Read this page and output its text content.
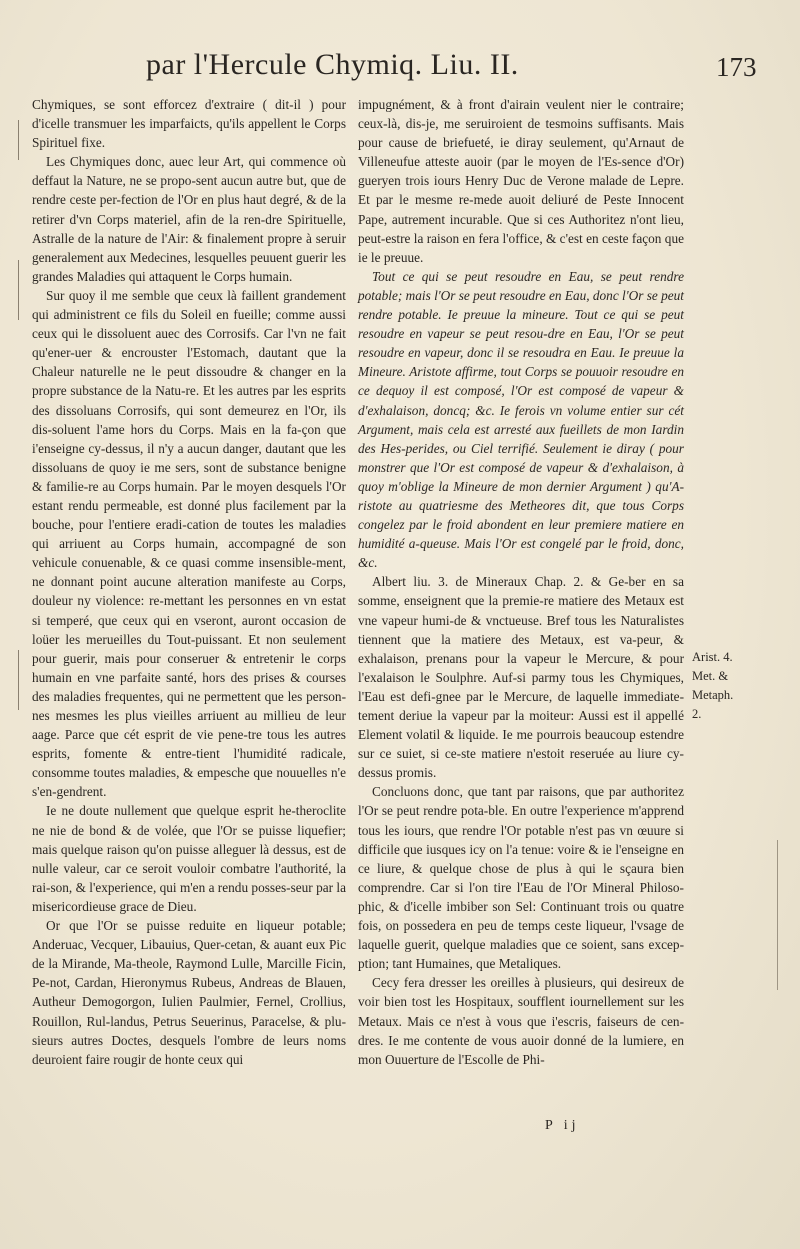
par l'Hercule Chymiq. Liu. II.	173

Chymiques, se sont efforcez d'extraire ( dit-il ) pour d'icelle transmuer les imparfaicts, qu'ils appellent le Corps Spirituel fixe.

Les Chymiques donc, auec leur Art, qui commence où deffaut la Nature, ne se propo-sent aucun autre but, que de rendre ceste per-fection de l'Or en plus haut degré, & de la retirer d'vn Corps materiel, afin de la ren-dre Spirituelle, Astralle de la nature de l'Air: & finalement propre à seruir generalement aux Medecines, lesquelles peuuent guerir les grandes Maladies qui attaquent le Corps humain.

Sur quoy il me semble que ceux là faillent grandement qui administrent ce fils du Soleil en fueille; comme aussi ceux qui le dissoluent auec des Corrosifs. Car l'vn ne fait qu'ener-uer & encrouster l'Estomach, dautant que la Chaleur naturelle ne le peut dissoudre & changer en la propre substance de la Natu-re. Et les autres par les esprits des dissoluans Corrosifs, qui sont demeurez en l'Or, ils dis-soluent l'ame hors du Corps. Mais en la fa-çon que i'enseigne cy-dessus, il n'y a aucun danger, dautant que les dissoluans de quoy ie me sers, sont de substance benigne & familie-re au Corps humain. Par le moyen desquels l'Or estant rendu permeable, est donné plus facilement par la bouche, pour l'entiere eradi-cation de toutes les maladies qui arriuent au Corps humain, accompagné de son vehicule conuenable, & ce quasi comme insensible-ment, ne donnant point aucune alteration manifeste au Corps, douleur ny violence: re-mettant les personnes en vn estat si temperé, que ceux qui en vseront, auront occasion de loüer les merueilles du Tout-puissant. Et non seulement pour guerir, mais pour conseruer & entretenir le corps humain en vne parfaite santé, hors des prises & courses des maladies frequentes, qui ne permettent que les person-nes mesmes les plus vieilles arriuent au millieu de leur aage. Parce que cét esprit de vie pene-tre tous les autres esprits, fomente & entre-tient l'humidité radicale, consomme toutes maladies, & empesche que nouuelles n'e s'en-gendrent.

Ie ne doute nullement que quelque esprit he-theroclite ne nie de bond & de volée, que l'Or se puisse liquefier; mais quelque raison qu'on puisse alleguer là dessus, est de nulle valeur, car ce seroit vouloir combatre l'authorité, la rai-son, & l'experience, qui m'en a rendu posses-seur par la misericordieuse grace de Dieu.

Or que l'Or se puisse reduite en liqueur potable; Anderuac, Vecquer, Libauius, Quer-cetan, & auant eux Pic de la Mirande, Ma-theole, Raymond Lulle, Marcille Ficin, Pe-not, Cardan, Hieronymus Rubeus, Andreas de Blauen, Autheur Demogorgon, Iulien Paulmier, Fernel, Crollius, Rouillon, Rul-landus, Petrus Seuerinus, Paracelse, & plu-sieurs autres Doctes, desquels l'ombre de leurs noms deuroient faire rougir de honte ceux qui

impugnément, & à front d'airain veulent nier le contraire; ceux-là, dis-je, me seruiroient de tesmoins suffisants. Mais pour cause de briefueté, ie diray seulement, qu'Arnaut de Villeneufue atteste auoir (par le moyen de l'Es-sence d'Or) gueryen trois iours Henry Duc de Verone malade de Lepre. Et par le mesme re-mede auoit deliuré de Peste Innocent Pape, autrement incurable. Que si ces Authoritez n'ont lieu, peut-estre la raison en fera l'office, & c'est en ceste façon que ie le preuue.

Tout ce qui se peut resoudre en Eau, se peut rendre potable; mais l'Or se peut resoudre en Eau, donc l'Or se peut rendre potable. Ie preuue la mineure. Tout ce qui se peut resoudre en vapeur se peut resou-dre en Eau, l'Or se peut resoudre en vapeur, donc il se resoudra en Eau. Ie preuue la Mineure. Aristote affirme, tout Corps se pouuoir resoudre en ce dequoy il est composé, l'Or est composé de vapeur & d'exhalaison, doncq; &c. Ie ferois vn volume entier sur cét Argument, mais cela est arresté aux fueillets de mon Iardin des Hes-perides, ou Ciel terrifié. Seulement ie diray ( pour monstrer que l'Or est composé de vapeur & d'exhalaison, à quoy m'oblige la Mineure de mon dernier Argument ) qu'A-ristote au quatriesme des Metheores dit, que tous Corps congelez par le froid abondent en leur premiere matiere en humidité a-queuse. Mais l'Or est congelé par le froid, donc, &c.

Albert liu. 3. de Mineraux Chap. 2. & Ge-ber en sa somme, enseignent que la premie-re matiere des Metaux est vne vapeur humi-de & vnctueuse. Bref tous les Naturalistes tiennent que la matiere des Metaux, est va-peur, & exhalaison, prenans pour la vapeur le Mercure, & pour l'exalaison le Soulphre. Auf-si parmy tous les Chymiques, l'Eau est defi-gnee par le Mercure, de laquelle immediate-tement deriue la vapeur par la moiteur: Aussi est il appellé Element volatil & liquide. Ie me pourrois beaucoup estendre sur ce suiet, si ce-ste matiere n'estoit reseruée au liure cy-dessus promis.

Concluons donc, que tant par raisons, que par authoritez l'Or se peut rendre pota-ble. En outre l'experience m'apprend tous les iours, que rendre l'Or potable n'est pas vn œuure si difficile que iusques icy on l'a tenue: voire & ie l'enseigne en ce liure, & quelque chose de plus à qui le sçaura bien comprendre. Car si l'on tire l'Eau de l'Or Mineral Philoso-phic, & d'icelle imbiber son Sel: Continuant trois ou quatre fois, on possedera en peu de temps ceste liqueur, l'vsage de laquelle guerit, quelque maladies que ce soient, sans excep-ption; tant Humaines, que Metaliques.

Cecy fera dresser les oreilles à plusieurs, qui desireux de voir bien tost les Hospitaux, soufflent iournellement sur les Metaux. Mais ce n'est à vous que i'escris, faiseurs de cen-dres. Ie me contente de vous auoir donné de la lumiere, en mon Ouuerture de l'Escolle de Phi-

Arist. 4.
Met. &
Metaph.
2.
P ij
